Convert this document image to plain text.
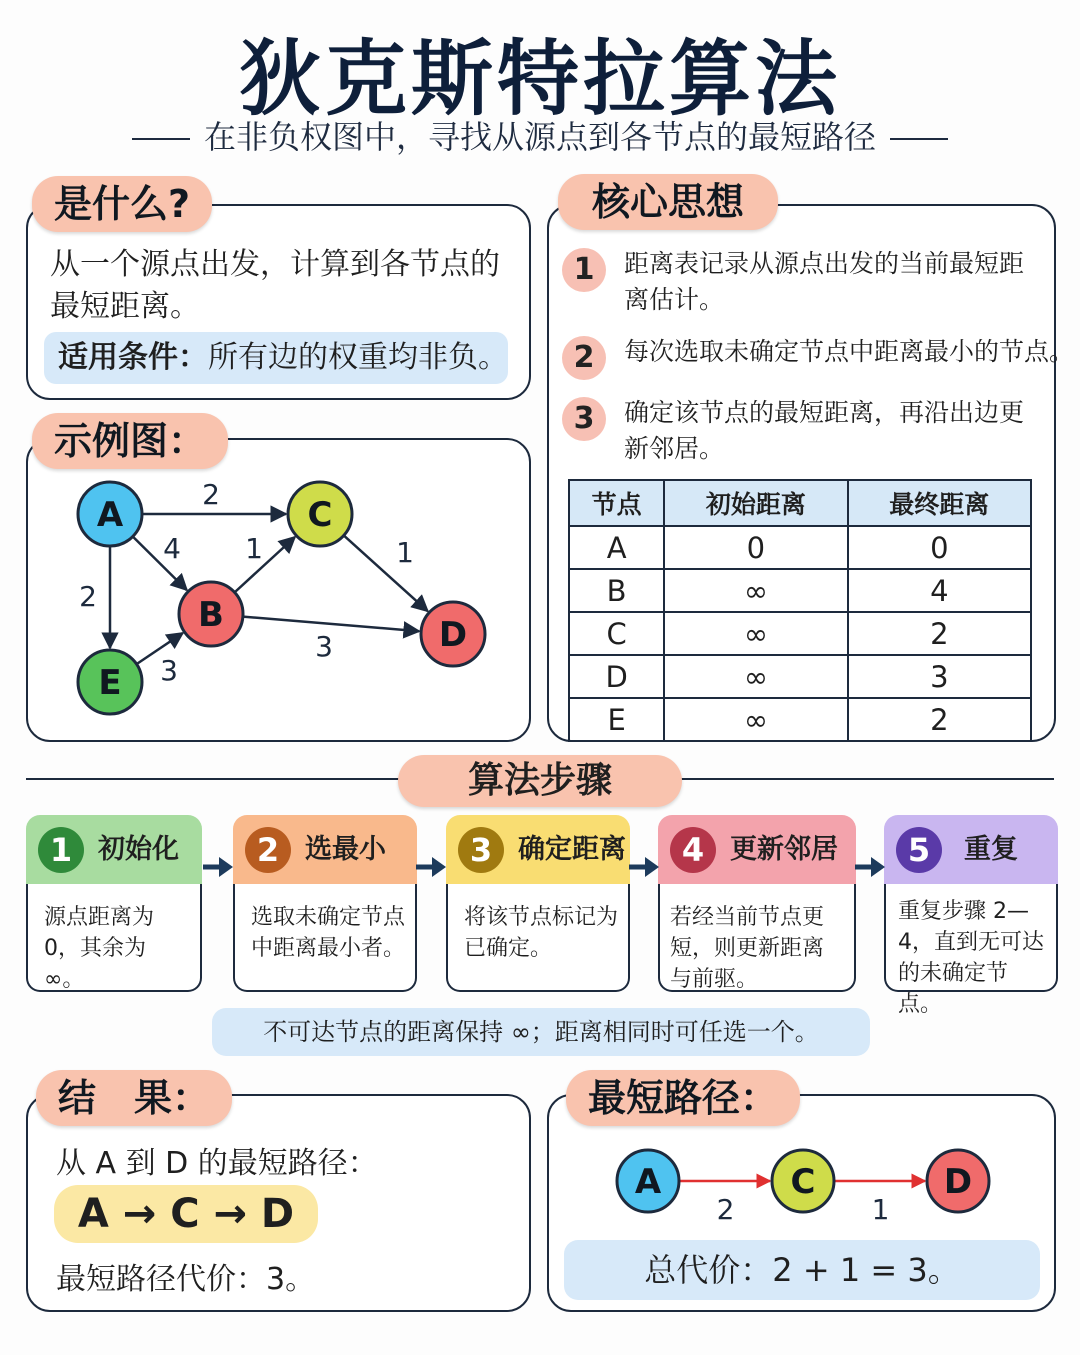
狄克斯特拉算法
在非负权图中，寻找从源点到各节点的最短路径
是什么?
从一个源点出发，计算到各节点的最短距离。
适用条件：所有边的权重均非负。
示例图：
2
4
2
1	1
3
3
A
B
C
D
E
核心思想
1	距离表记录从源点出发的当前最短距离估计。
2	每次选取未确定节点中距离最小的节点。
3	确定该节点的最短距离，再沿出边更新邻居。
节点	初始距离	最终距离
A	0	0
B	∞	4
C	∞	2
D	∞	3
E	∞	2
算法步骤
1 初始化
源点距离为 0，其余为 ∞。
2 选最小
选取未确定节点中距离最小者。
3 确定距离
将该节点标记为已确定。
4 更新邻居
若经当前节点更短，则更新距离与前驱。
5	重复
重复步骤 2—4，直到无可达的未确定节点。
不可达节点的距离保持 ∞；距离相同时可任选一个。
结　果：
从 A 到 D 的最短路径：
A → C → D
最短路径代价：3。
最短路径：
2	1
A	C	D
总代价：2 + 1 = 3。
